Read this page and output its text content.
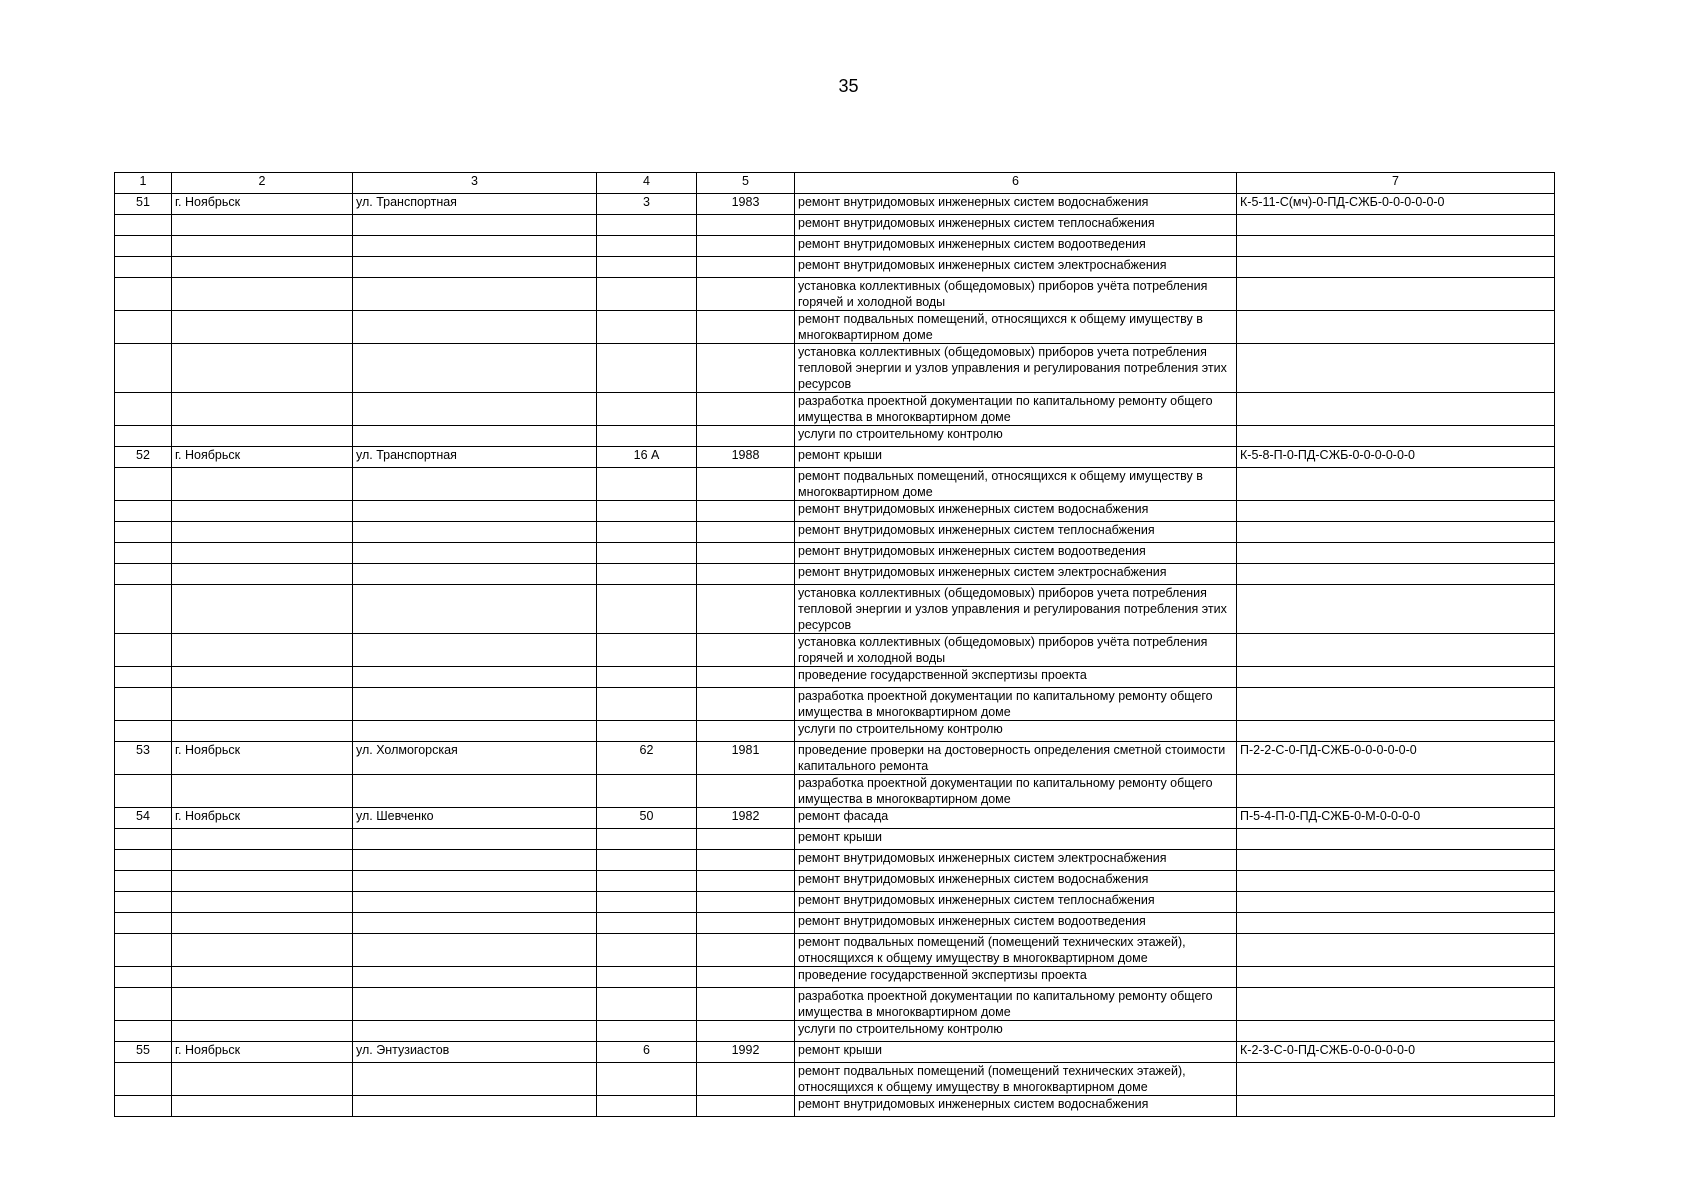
35
1	2	3	4	5	6	7
51	г. Ноябрьск	ул. Транспортная	3	1983	ремонт внутридомовых инженерных систем водоснабжения	К-5-11-С(мч)-0-ПД-СЖБ-0-0-0-0-0-0
					ремонт внутридомовых инженерных систем теплоснабжения	
					ремонт внутридомовых инженерных систем водоотведения	
					ремонт внутридомовых инженерных систем электроснабжения	
					установка коллективных (общедомовых) приборов учёта потребления горячей и холодной воды	
					ремонт подвальных помещений, относящихся к общему имуществу в многоквартирном доме	
					установка коллективных (общедомовых) приборов учета потребления тепловой энергии и узлов управления и регулирования потребления этих ресурсов	
					разработка проектной документации по капитальному ремонту общего имущества в многоквартирном доме	
					услуги по строительному контролю	
52	г. Ноябрьск	ул. Транспортная	16 А	1988	ремонт крыши	К-5-8-П-0-ПД-СЖБ-0-0-0-0-0-0
					ремонт подвальных помещений, относящихся к общему имуществу в многоквартирном доме	
					ремонт внутридомовых инженерных систем водоснабжения	
					ремонт внутридомовых инженерных систем теплоснабжения	
					ремонт внутридомовых инженерных систем водоотведения	
					ремонт внутридомовых инженерных систем электроснабжения	
					установка коллективных (общедомовых) приборов учета потребления тепловой энергии и узлов управления и регулирования потребления этих ресурсов	
					установка коллективных (общедомовых) приборов учёта потребления горячей и холодной воды	
					проведение государственной экспертизы проекта	
					разработка проектной документации по капитальному ремонту общего имущества в многоквартирном доме	
					услуги по строительному контролю	
53	г. Ноябрьск	ул. Холмогорская	62	1981	проведение проверки на достоверность определения сметной стоимости капитального ремонта	П-2-2-С-0-ПД-СЖБ-0-0-0-0-0-0
					разработка проектной документации по капитальному ремонту общего имущества в многоквартирном доме	
54	г. Ноябрьск	ул. Шевченко	50	1982	ремонт фасада	П-5-4-П-0-ПД-СЖБ-0-М-0-0-0-0
					ремонт крыши	
					ремонт внутридомовых инженерных систем электроснабжения	
					ремонт внутридомовых инженерных систем водоснабжения	
					ремонт внутридомовых инженерных систем теплоснабжения	
					ремонт внутридомовых инженерных систем водоотведения	
					ремонт подвальных помещений (помещений технических этажей), относящихся к общему имуществу в многоквартирном доме	
					проведение государственной экспертизы проекта	
					разработка проектной документации по капитальному ремонту общего имущества в многоквартирном доме	
					услуги по строительному контролю	
55	г. Ноябрьск	ул. Энтузиастов	6	1992	ремонт крыши	К-2-3-С-0-ПД-СЖБ-0-0-0-0-0-0
					ремонт подвальных помещений (помещений технических этажей), относящихся к общему имуществу в многоквартирном доме	
					ремонт внутридомовых инженерных систем водоснабжения	
